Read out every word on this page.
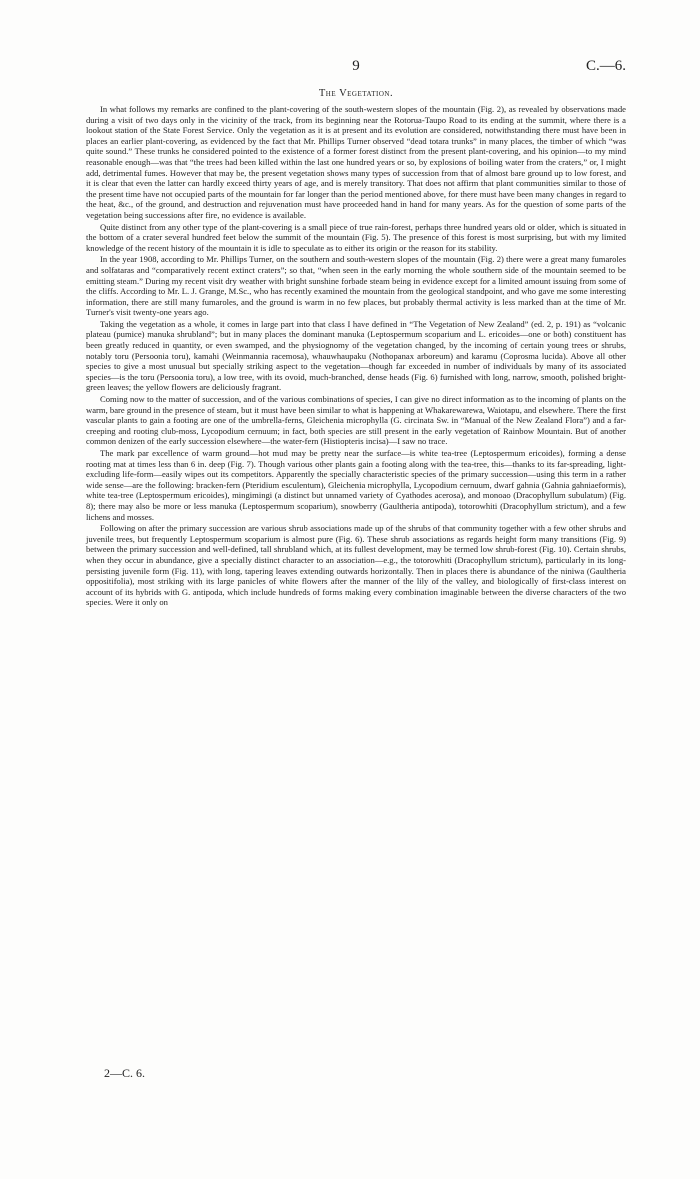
9	C.—6.
The Vegetation.

In what follows my remarks are confined to the plant-covering of the south-western slopes of the mountain (Fig. 2), as revealed by observations made during a visit of two days only in the vicinity of the track, from its beginning near the Rotorua-Taupo Road to its ending at the summit, where there is a lookout station of the State Forest Service. Only the vegetation as it is at present and its evolution are considered, notwithstanding there must have been in places an earlier plant-covering, as evidenced by the fact that Mr. Phillips Turner observed “dead totara trunks” in many places, the timber of which “was quite sound.” These trunks he considered pointed to the existence of a former forest distinct from the present plant-covering, and his opinion—to my mind reasonable enough—was that “the trees had been killed within the last one hundred years or so, by explosions of boiling water from the craters,” or, I might add, detrimental fumes. However that may be, the present vegetation shows many types of succession from that of almost bare ground up to low forest, and it is clear that even the latter can hardly exceed thirty years of age, and is merely transitory. That does not affirm that plant communities similar to those of the present time have not occupied parts of the mountain for far longer than the period mentioned above, for there must have been many changes in regard to the heat, &c., of the ground, and destruction and rejuvenation must have proceeded hand in hand for many years. As for the question of some parts of the vegetation being successions after fire, no evidence is available.

Quite distinct from any other type of the plant-covering is a small piece of true rain-forest, perhaps three hundred years old or older, which is situated in the bottom of a crater several hundred feet below the summit of the mountain (Fig. 5). The presence of this forest is most surprising, but with my limited knowledge of the recent history of the mountain it is idle to speculate as to either its origin or the reason for its stability.

In the year 1908, according to Mr. Phillips Turner, on the southern and south-western slopes of the mountain (Fig. 2) there were a great many fumaroles and solfataras and “comparatively recent extinct craters”; so that, “when seen in the early morning the whole southern side of the mountain seemed to be emitting steam.” During my recent visit dry weather with bright sunshine forbade steam being in evidence except for a limited amount issuing from some of the cliffs. According to Mr. L. J. Grange, M.Sc., who has recently examined the mountain from the geological standpoint, and who gave me some interesting information, there are still many fumaroles, and the ground is warm in no few places, but probably thermal activity is less marked than at the time of Mr. Turner's visit twenty-one years ago.

Taking the vegetation as a whole, it comes in large part into that class I have defined in “The Vegetation of New Zealand” (ed. 2, p. 191) as “volcanic plateau (pumice) manuka shrubland”; but in many places the dominant manuka (Leptospermum scoparium and L. ericoides—one or both) constituent has been greatly reduced in quantity, or even swamped, and the physiognomy of the vegetation changed, by the incoming of certain young trees or shrubs, notably toru (Persoonia toru), kamahi (Weinmannia racemosa), whauwhaupaku (Nothopanax arboreum) and karamu (Coprosma lucida). Above all other species to give a most unusual but specially striking aspect to the vegetation—though far exceeded in number of individuals by many of its associated species—is the toru (Persoonia toru), a low tree, with its ovoid, much-branched, dense heads (Fig. 6) furnished with long, narrow, smooth, polished bright-green leaves; the yellow flowers are deliciously fragrant.

Coming now to the matter of succession, and of the various combinations of species, I can give no direct information as to the incoming of plants on the warm, bare ground in the presence of steam, but it must have been similar to what is happening at Whakarewarewa, Waiotapu, and elsewhere. There the first vascular plants to gain a footing are one of the umbrella-ferns, Gleichenia microphylla (G. circinata Sw. in “Manual of the New Zealand Flora”) and a far-creeping and rooting club-moss, Lycopodium cernuum; in fact, both species are still present in the early vegetation of Rainbow Mountain. But of another common denizen of the early succession elsewhere—the water-fern (Histiopteris incisa)—I saw no trace.

The mark par excellence of warm ground—hot mud may be pretty near the surface—is white tea-tree (Leptospermum ericoides), forming a dense rooting mat at times less than 6 in. deep (Fig. 7). Though various other plants gain a footing along with the tea-tree, this—thanks to its far-spreading, light-excluding life-form—easily wipes out its competitors. Apparently the specially characteristic species of the primary succession—using this term in a rather wide sense—are the following: bracken-fern (Pteridium esculentum), Gleichenia microphylla, Lycopodium cernuum, dwarf gahnia (Gahnia gahniaeformis), white tea-tree (Leptospermum ericoides), mingimingi (a distinct but unnamed variety of Cyathodes acerosa), and monoao (Dracophyllum subulatum) (Fig. 8); there may also be more or less manuka (Leptospermum scoparium), snowberry (Gaultheria antipoda), totorowhiti (Dracophyllum strictum), and a few lichens and mosses.

Following on after the primary succession are various shrub associations made up of the shrubs of that community together with a few other shrubs and juvenile trees, but frequently Leptospermum scoparium is almost pure (Fig. 6). These shrub associations as regards height form many transitions (Fig. 9) between the primary succession and well-defined, tall shrubland which, at its fullest development, may be termed low shrub-forest (Fig. 10). Certain shrubs, when they occur in abundance, give a specially distinct character to an association—e.g., the totorowhiti (Dracophyllum strictum), particularly in its long-persisting juvenile form (Fig. 11), with long, tapering leaves extending outwards horizontally. Then in places there is abundance of the niniwa (Gaultheria oppositifolia), most striking with its large panicles of white flowers after the manner of the lily of the valley, and biologically of first-class interest on account of its hybrids with G. antipoda, which include hundreds of forms making every combination imaginable between the diverse characters of the two species. Were it only on

2—C. 6.
